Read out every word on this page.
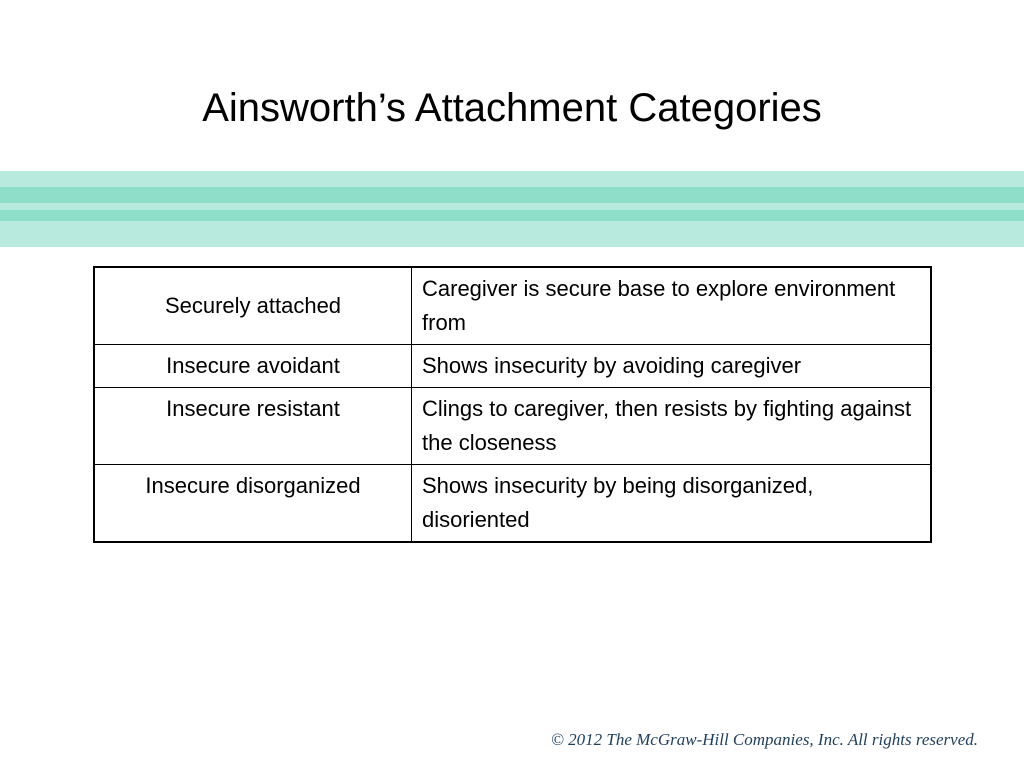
Ainsworth’s Attachment Categories
Securely attached	Caregiver is secure base to explore environment from
Insecure avoidant	Shows insecurity by avoiding caregiver
Insecure resistant	Clings to caregiver, then resists by fighting against the closeness
Insecure disorganized	Shows insecurity by being disorganized, disoriented
© 2012 The McGraw-Hill Companies, Inc. All rights reserved.
